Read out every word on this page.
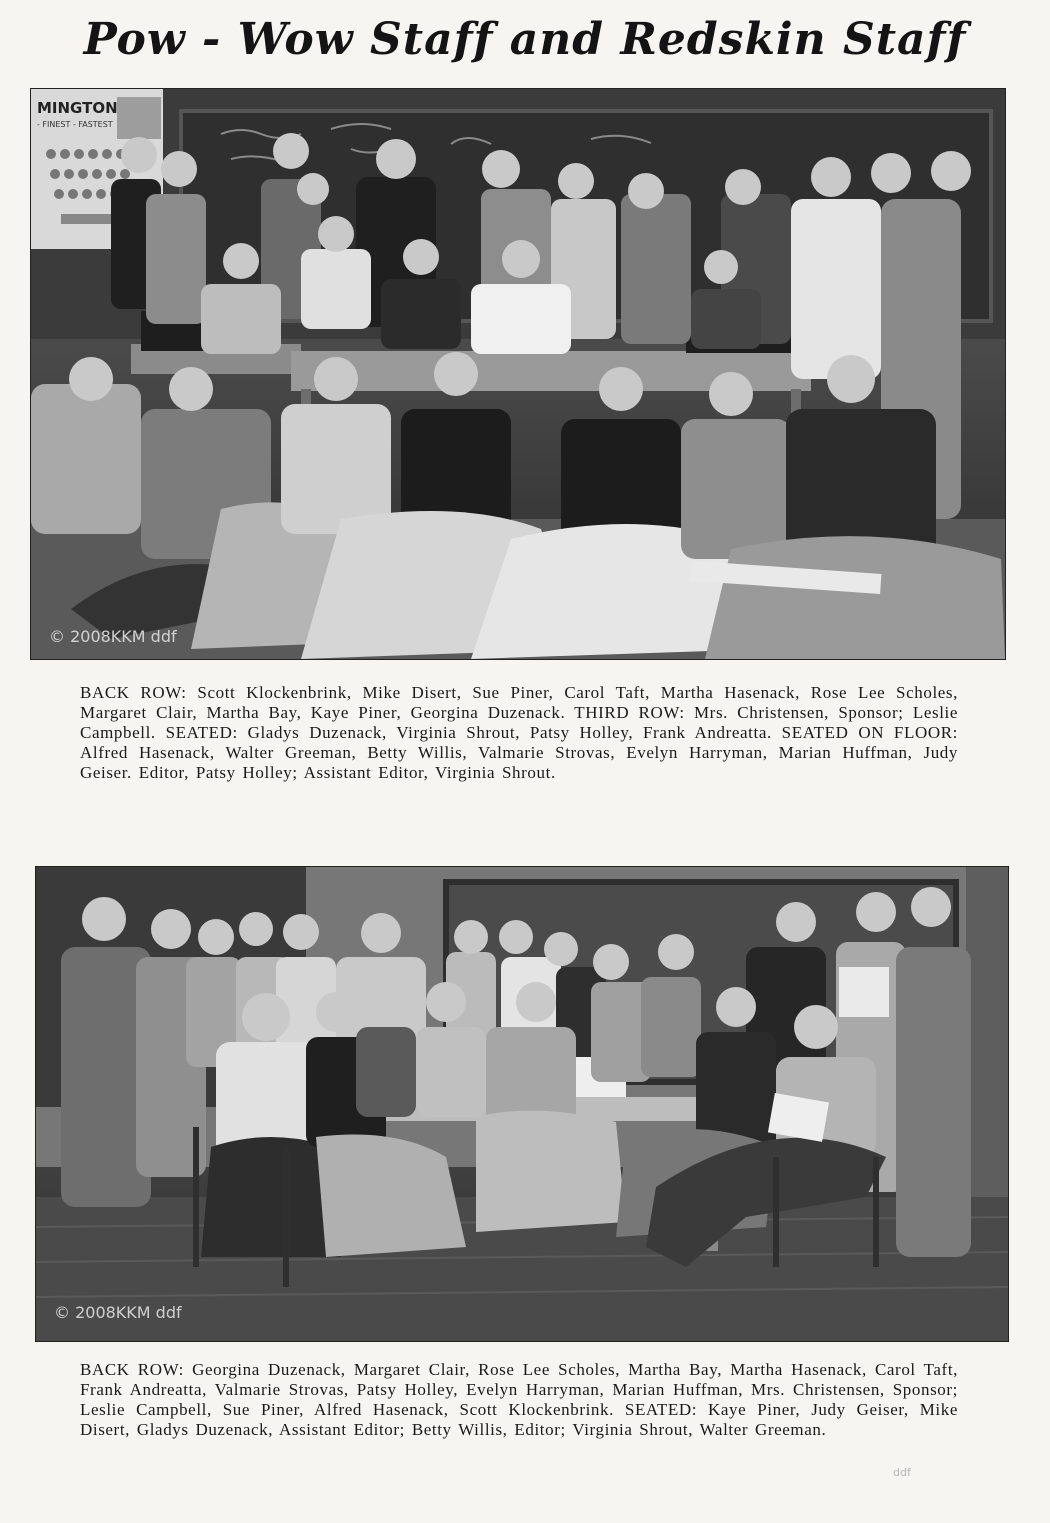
Pow - Wow Staff and Redskin Staff
MINGTON
- FINEST - FASTEST
© 2008KKM ddf

BACK ROW: Scott Klockenbrink, Mike Disert, Sue Piner, Carol Taft, Martha Hasenack, Rose Lee Scholes, Margaret Clair, Martha Bay, Kaye Piner, Georgina Duzenack. THIRD ROW: Mrs. Christensen, Sponsor; Leslie Campbell. SEATED: Gladys Duzenack, Virginia Shrout, Patsy Holley, Frank Andreatta. SEATED ON FLOOR: Alfred Hasenack, Walter Greeman, Betty Willis, Valmarie Strovas, Evelyn Harryman, Marian Huffman, Judy Geiser. Editor, Patsy Holley; Assistant Editor, Virginia Shrout.

© 2008KKM ddf

BACK ROW: Georgina Duzenack, Margaret Clair, Rose Lee Scholes, Martha Bay, Martha Hasenack, Carol Taft, Frank Andreatta, Valmarie Strovas, Patsy Holley, Evelyn Harryman, Marian Huffman, Mrs. Christensen, Sponsor; Leslie Campbell, Sue Piner, Alfred Hasenack, Scott Klockenbrink. SEATED: Kaye Piner, Judy Geiser, Mike Disert, Gladys Duzenack, Assistant Editor; Betty Willis, Editor; Virginia Shrout, Walter Greeman.

ddf
